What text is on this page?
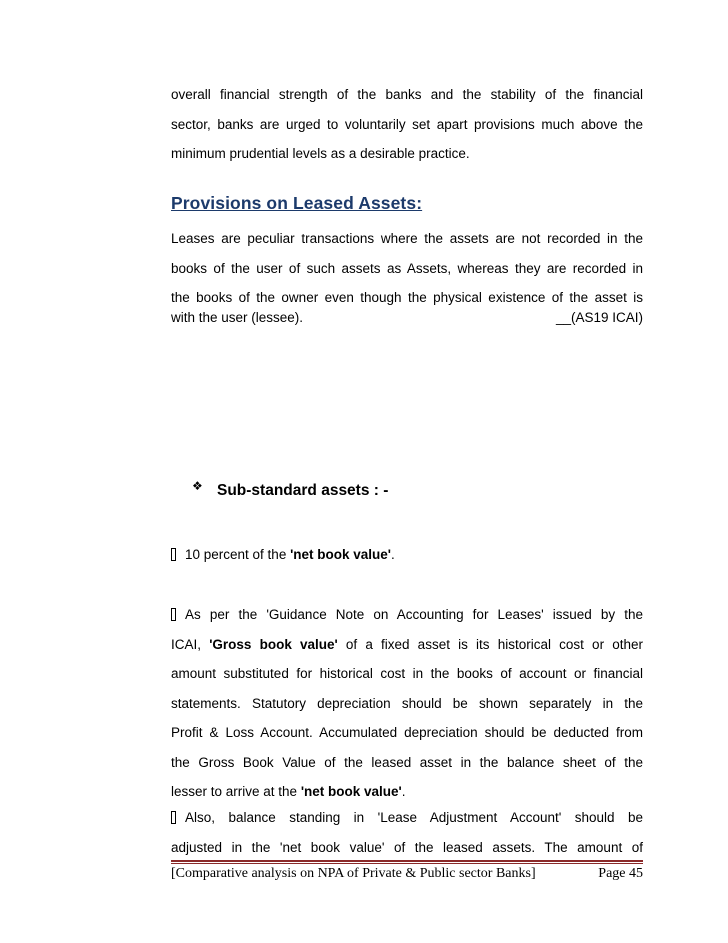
overall financial strength of the banks and the stability of the financial
sector, banks are urged to voluntarily set apart provisions much above the
minimum prudential levels as a desirable practice.
Provisions on Leased Assets:
Leases are peculiar transactions where the assets are not recorded in the
books of the user of such assets as Assets, whereas they are recorded in
the books of the owner even though the physical existence of the asset is
with the user (lessee).	__(AS19 ICAI)
❖Sub-standard assets : -
10 percent of the 'net book value'.
As per the 'Guidance Note on Accounting for Leases' issued by the
ICAI, 'Gross book value' of a fixed asset is its historical cost or other
amount substituted for historical cost in the books of account or financial
statements. Statutory depreciation should be shown separately in the
Profit & Loss Account. Accumulated depreciation should be deducted from
the Gross Book Value of the leased asset in the balance sheet of the
lesser to arrive at the 'net book value'.
Also, balance standing in 'Lease Adjustment Account' should be
adjusted in the 'net book value' of the leased assets. The amount of
[Comparative analysis on NPA of Private & Public sector Banks]	Page 45
